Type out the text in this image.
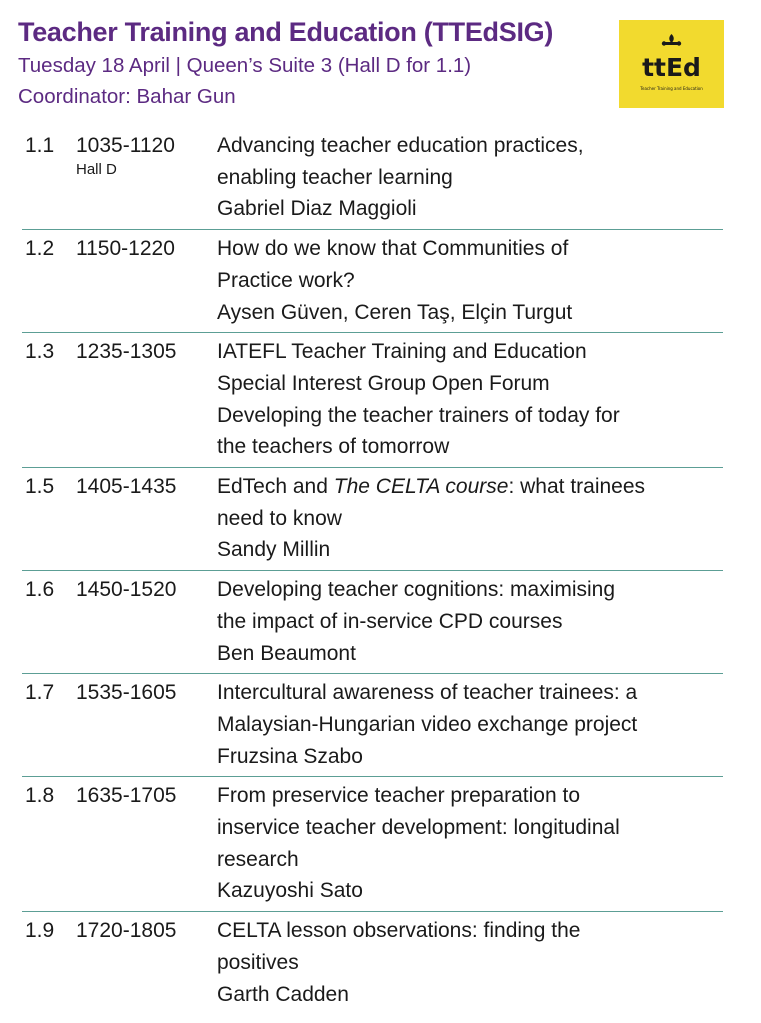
Teacher Training and Education (TTEdSIG)
Tuesday 18 April | Queen’s Suite 3 (Hall D for 1.1)
Coordinator: Bahar Gun
ttEd
Teacher Training and Education
1.1 1035-1120
Hall D
Advancing teacher education practices,
enabling teacher learning
Gabriel Diaz Maggioli
1.2 1150-1220 How do we know that Communities of
Practice work?
Aysen Güven, Ceren Taş, Elçin Turgut
1.3 1235-1305 IATEFL Teacher Training and Education
Special Interest Group Open Forum
Developing the teacher trainers of today for
the teachers of tomorrow
1.5 1405-1435 EdTech and The CELTA course: what trainees
need to know
Sandy Millin
1.6 1450-1520 Developing teacher cognitions: maximising
the impact of in-service CPD courses
Ben Beaumont
1.7 1535-1605 Intercultural awareness of teacher trainees: a
Malaysian-Hungarian video exchange project
Fruzsina Szabo
1.8 1635-1705 From preservice teacher preparation to
inservice teacher development: longitudinal
research
Kazuyoshi Sato
1.9 1720-1805 CELTA lesson observations: finding the
positives
Garth Cadden
